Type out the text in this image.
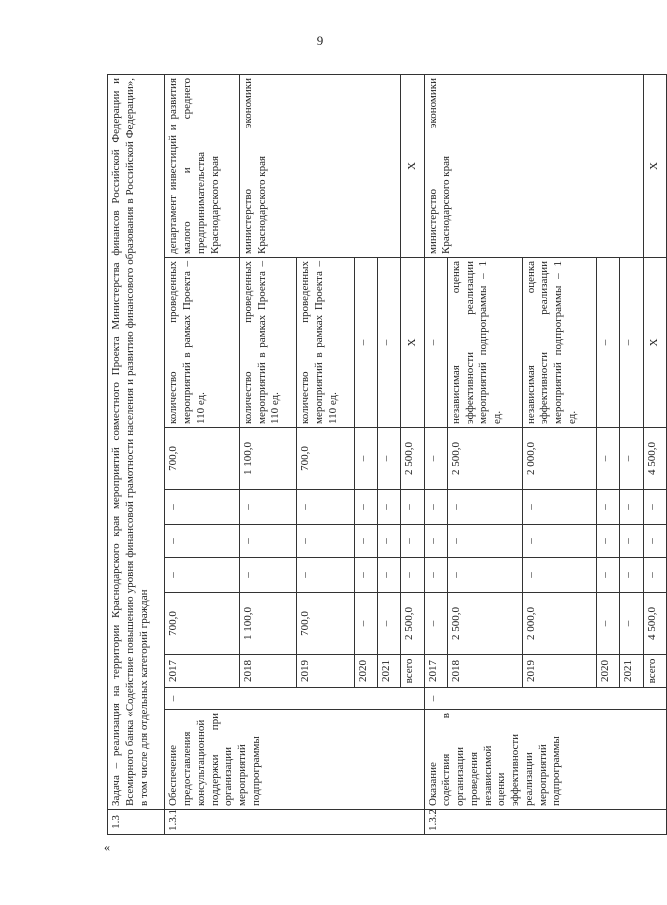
9
«
1.3	Задача – реализация на территории Краснодарского края мероприятий совместного Проекта Министерства финансов Российской Федерации и Всемирного банка «Содействие повышению уровня финансовой грамотности населения и развитию финансового образования в Российской Федерации», в том числе для отдельных категорий граждан									
1.3.1	Обеспечение предоставления консультационной поддержки при организации мероприятий подпрограммы	–	2017	700,0	–	–	–	700,0	количество проведенных мероприятий в рамках Проекта – 110 ед.	департамент инвестиций и развития малого и среднего предпринимательства Краснодарского края
			2018	1 100,0	–	–	–	1 100,0	количество проведенных мероприятий в рамках Проекта – 110 ед.	министерство экономики Краснодарского края
			2019	700,0	–	–	–	700,0	количество проведенных мероприятий в рамках Проекта – 110 ед.	
			2020	–	–	–	–	–	–	
			2021	–	–	–	–	–	–	
			всего	2 500,0	–	–	–	2 500,0	Х	Х
1.3.2	Оказание содействия в организации проведения независимой оценки эффективности реализации мероприятий подпрограммы	–	2017	–	–	–	–	–	–	министерство экономики Краснодарского края
			2018	2 500,0	–	–	–	2 500,0	независимая оценка эффективности реализации мероприятий подпрограммы – 1 ед.	
			2019	2 000,0	–	–	–	2 000,0	независимая оценка эффективности реализации мероприятий подпрограммы – 1 ед.	
			2020	–	–	–	–	–	–	
			2021	–	–	–	–	–	–	
			всего	4 500,0	–	–	–	4 500,0	Х	Х
